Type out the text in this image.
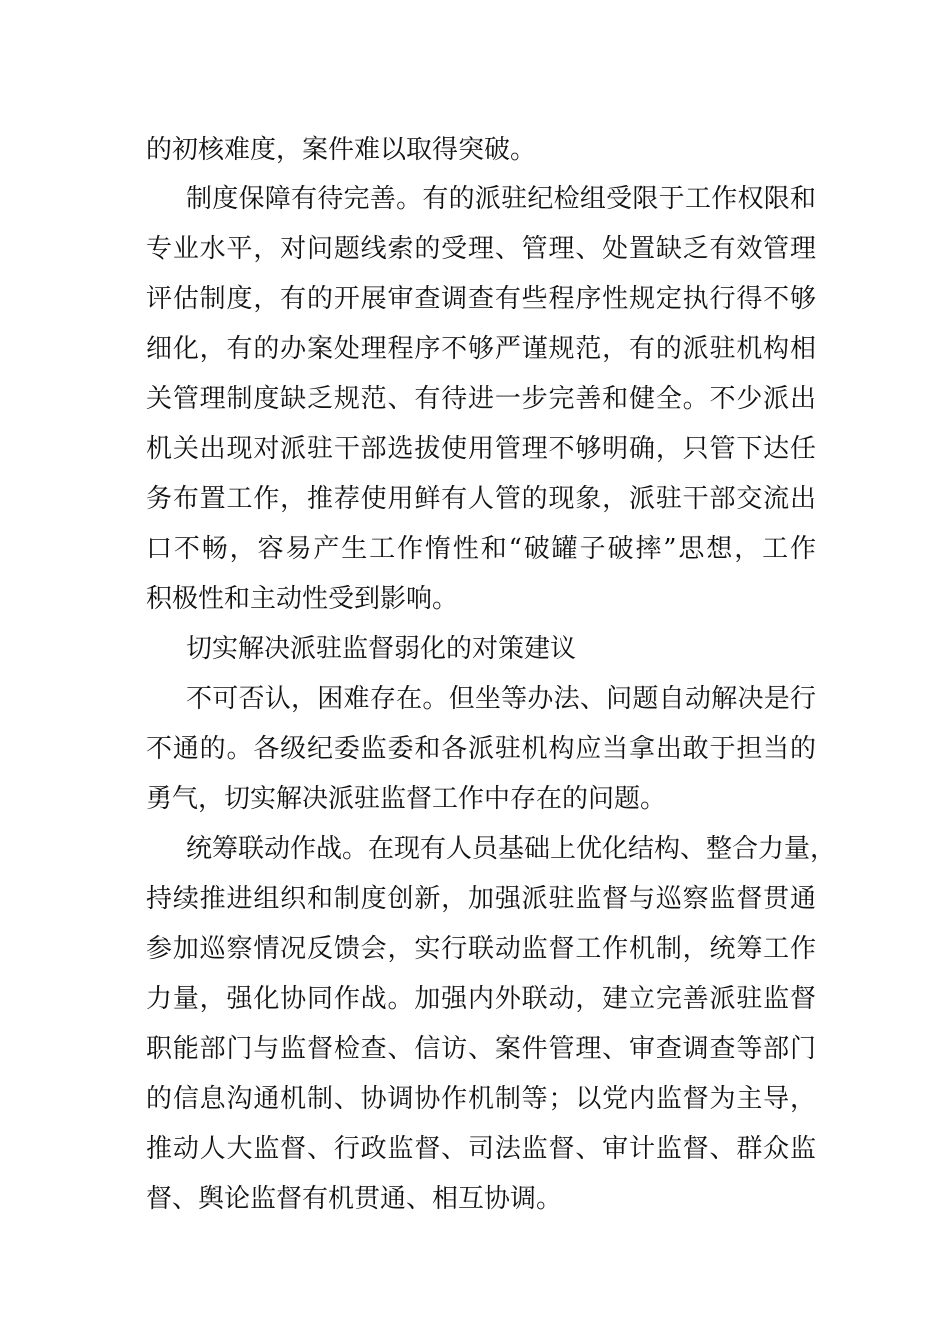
的初核难度，案件难以取得突破。
制度保障有待完善。有的派驻纪检组受限于工作权限和
专业水平，对问题线索的受理、管理、处置缺乏有效管理
评估制度，有的开展审查调查有些程序性规定执行得不够
细化，有的办案处理程序不够严谨规范，有的派驻机构相
关管理制度缺乏规范、有待进一步完善和健全。不少派出
机关出现对派驻干部选拔使用管理不够明确，只管下达任
务布置工作，推荐使用鲜有人管的现象，派驻干部交流出
口不畅，容易产生工作惰性和“破罐子破摔”思想，工作
积极性和主动性受到影响。
切实解决派驻监督弱化的对策建议
不可否认，困难存在。但坐等办法、问题自动解决是行
不通的。各级纪委监委和各派驻机构应当拿出敢于担当的
勇气，切实解决派驻监督工作中存在的问题。
统筹联动作战。在现有人员基础上优化结构、整合力量，
持续推进组织和制度创新，加强派驻监督与巡察监督贯通
参加巡察情况反馈会，实行联动监督工作机制，统筹工作
力量，强化协同作战。加强内外联动，建立完善派驻监督
职能部门与监督检查、信访、案件管理、审查调查等部门
的信息沟通机制、协调协作机制等；以党内监督为主导，
推动人大监督、行政监督、司法监督、审计监督、群众监
督、舆论监督有机贯通、相互协调。
